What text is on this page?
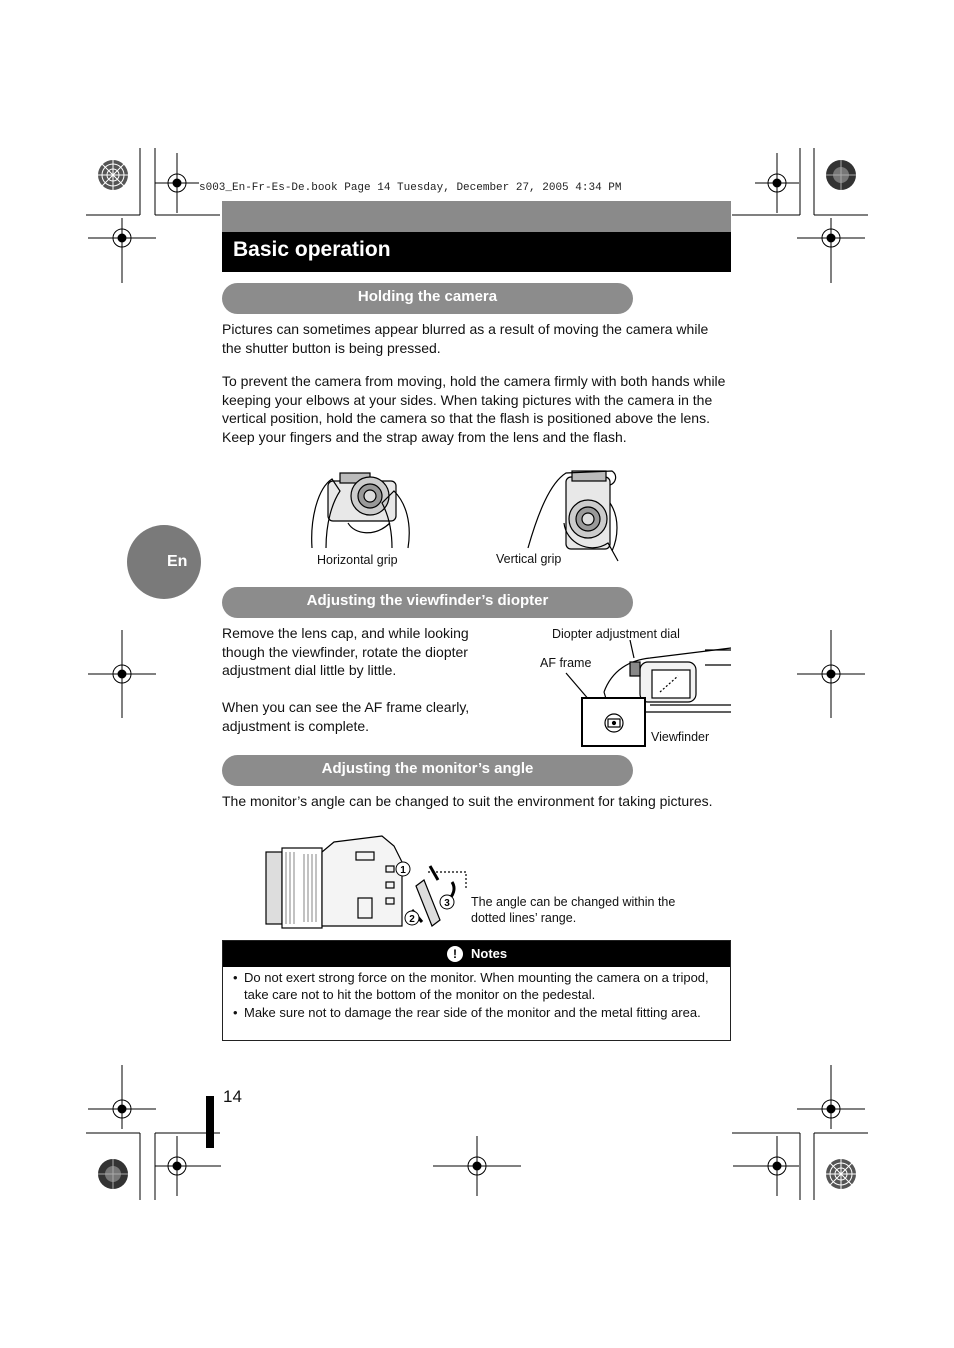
s003_En-Fr-Es-De.book Page 14 Tuesday, December 27, 2005 4:34 PM
Basic operation
Holding the camera
Pictures can sometimes appear blurred as a result of moving the camera while the shutter button is being pressed.
To prevent the camera from moving, hold the camera firmly with both hands while keeping your elbows at your sides. When taking pictures with the camera in the vertical position, hold the camera so that the flash is positioned above the lens. Keep your fingers and the strap away from the lens and the flash.
Horizontal grip	Vertical grip
En
Adjusting the viewfinder’s diopter
Remove the lens cap, and while looking though the viewfinder, rotate the diopter adjustment dial little by little.
When you can see the AF frame clearly, adjustment is complete.
Diopter adjustment dial
AF frame
Viewfinder
Adjusting the monitor’s angle
The monitor’s angle can be changed to suit the environment for taking pictures.
1
2
3 The angle can be changed within the dotted lines’ range.
!	Notes
• Do not exert strong force on the monitor. When mounting the camera on a tripod, take care not to hit the bottom of the monitor on the pedestal.
• Make sure not to damage the rear side of the monitor and the metal fitting area.
14
